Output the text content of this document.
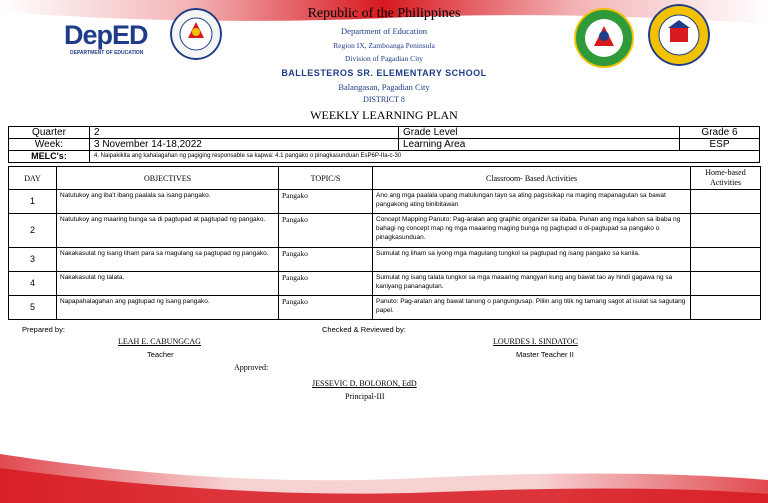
DepED
DEPARTMENT OF EDUCATION
Republic of the Philippines
Department of Education
Region IX, Zamboanga Peninsula
Division of Pagadian City
BALLESTEROS SR. ELEMENTARY SCHOOL
Balangasan, Pagadian City
DISTRICT 8
WEEKLY LEARNING PLAN
Quarter	2	Grade Level	Grade 6
Week:	3 November 14-18,2022	Learning Area	ESP
MELC's:	4. Naipakikita ang kahalagahan ng pagiging responsable sa kapwa: 4.1 pangako o pinagkasunduan EsP6P-IIa-c-30		
DAY	OBJECTIVES	TOPIC/S	Classroom- Based Activities	Home-based Activities
1	Natutukoy ang iba't ibang paalala sa isang pangako.	Pangako	Ano ang mga paalala upang matulungan tayo sa ating pagsisikap na maging mapanagutan sa bawat pangakong ating binibitawan	
2	Natutukoy ang maaring bunga sa di pagtupad at pagtupad ng pangako.	Pangako	Concept Mapping Panuto: Pag-aralan ang graphic organizer sa ibaba. Punan ang mga kahon sa ibaba ng bahagi ng concept map ng mga maaaring maging bunga ng pagtupad o di-pagtupad sa pangako o pinagkasunduan.	
3	Nakakasulat ng isang liham para sa magulang sa pagtupad ng pangako.	Pangako	Sumulat ng liham sa iyong mga magulang tungkol sa pagtupad ng isang pangako sa kanila.	
4	Nakakasulat ng talata.	Pangako	Sumulat ng isang talata tungkol sa mga maaaring mangyari kung ang bawat tao ay hindi gagawa ng sa kaniyang pananagutan.	
5	Napapahalagahan ang pagtupad ng isang pangako.	Pangako	Panuto: Pag-aralan ang bawat tanong o pangungusap. Piliin ang titik ng tamang sagot at isulat sa sagutang papel.	
Prepared by:
LEAH E. CABUNGCAG
Teacher
Checked & Reviewed by:
LOURDES I. SINDATOC
Master Teacher II
Approved:
JESSEVIC D. BOLORON, EdD
Principal-III
